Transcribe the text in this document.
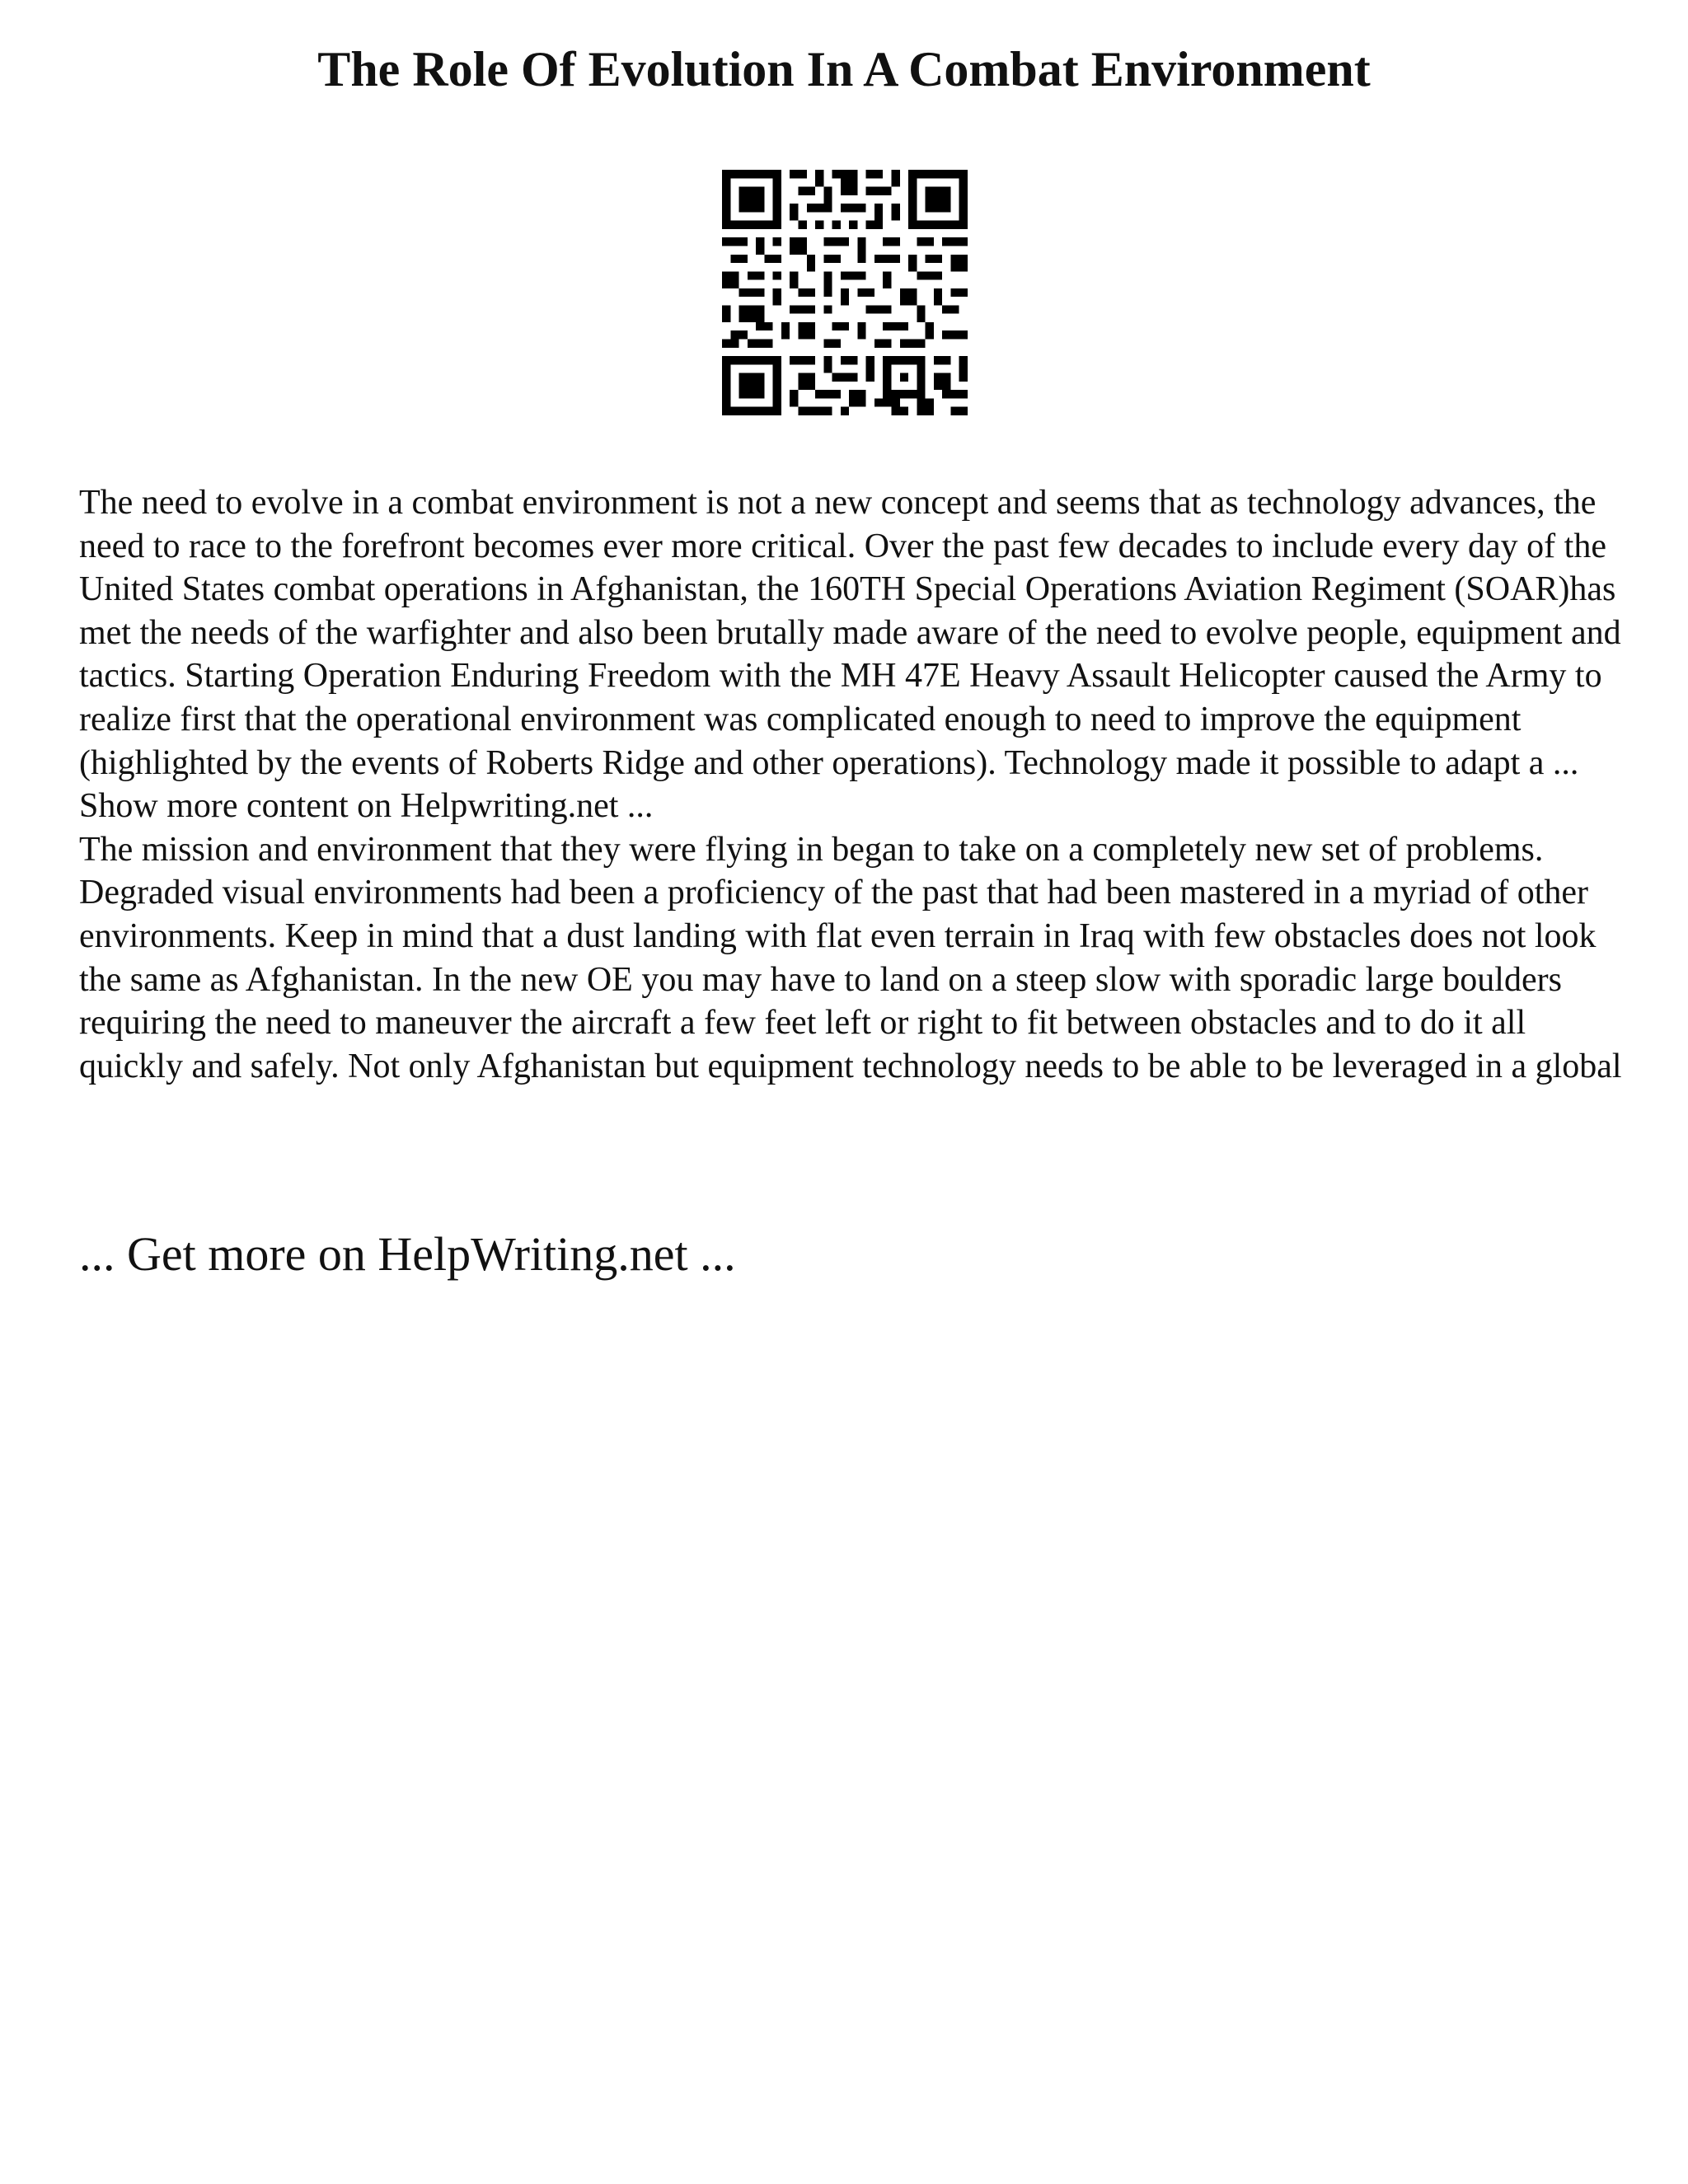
The Role Of Evolution In A Combat Environment

The need to evolve in a combat environment is not a new concept and seems that as technology advances, the need to race to the forefront becomes ever more critical. Over the past few decades to include every day of the United States combat operations in Afghanistan, the 160TH Special Operations Aviation Regiment (SOAR)has met the needs of the warfighter and also been brutally made aware of the need to evolve people, equipment and tactics. Starting Operation Enduring Freedom with the MH 47E Heavy Assault Helicopter caused the Army to realize first that the operational environment was complicated enough to need to improve the equipment (highlighted by the events of Roberts Ridge and other operations). Technology made it possible to adapt a ... Show more content on Helpwriting.net ...

The mission and environment that they were flying in began to take on a completely new set of problems. Degraded visual environments had been a proficiency of the past that had been mastered in a myriad of other environments. Keep in mind that a dust landing with flat even terrain in Iraq with few obstacles does not look the same as Afghanistan. In the new OE you may have to land on a steep slow with sporadic large boulders requiring the need to maneuver the aircraft a few feet left or right to fit between obstacles and to do it all quickly and safely. Not only Afghanistan but equipment technology needs to be able to be leveraged in a global

... Get more on HelpWriting.net ...
